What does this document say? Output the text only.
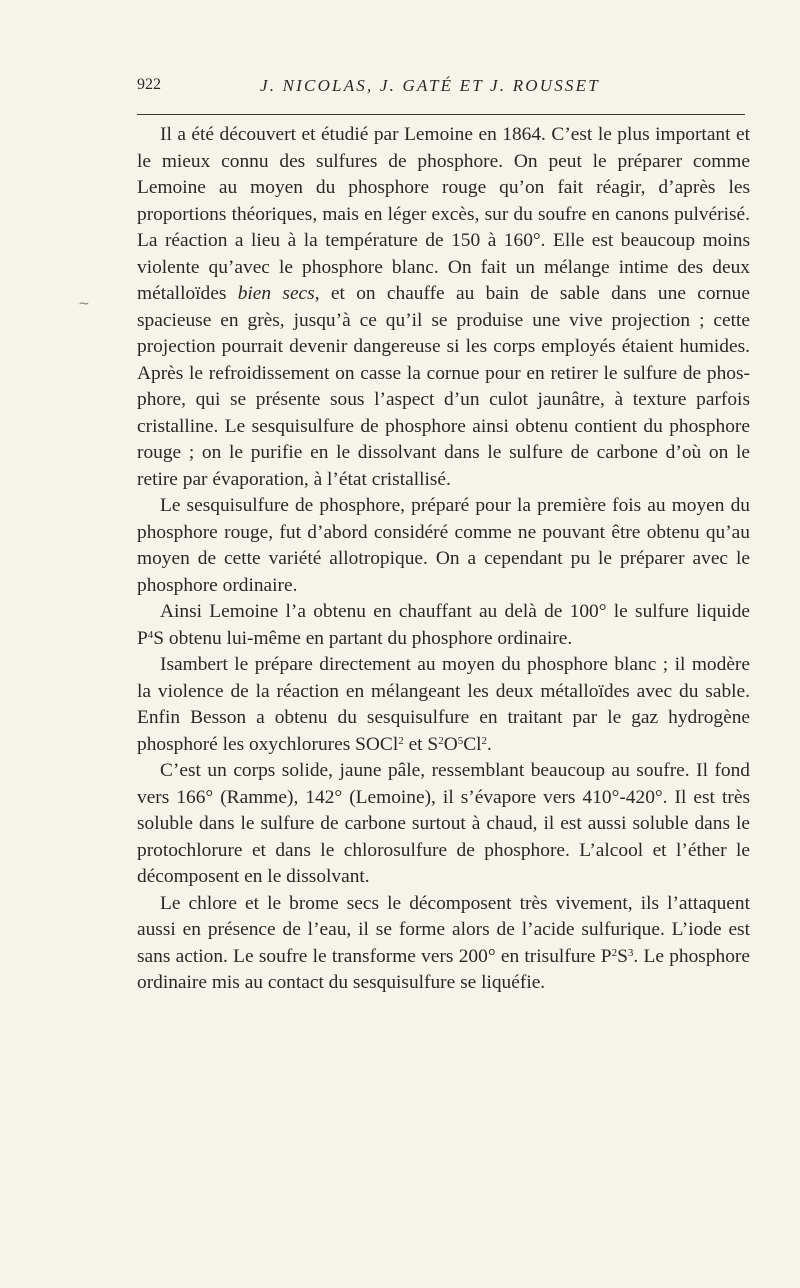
922	J. NICOLAS, J. GATÉ ET J. ROUSSET
~

Il a été découvert et étudié par Lemoine en 1864. C’est le plus important et le mieux connu des sulfures de phosphore. On peut le préparer comme Lemoine au moyen du phosphore rouge qu’on fait réagir, d’après les proportions théoriques, mais en léger excès, sur du soufre en canons pulvérisé. La réaction a lieu à la température de 150 à 160°. Elle est beaucoup moins violente qu’avec le phosphore blanc. On fait un mélange intime des deux métalloïdes bien secs, et on chauffe au bain de sable dans une cornue spacieuse en grès, jusqu’à ce qu’il se produise une vive projection ; cette projection pourrait devenir dangereuse si les corps employés étaient humides. Après le refroidissement on casse la cornue pour en retirer le sulfure de phosphore, qui se présente sous l’aspect d’un culot jaunâtre, à texture parfois cristalline. Le sesquisulfure de phosphore ainsi obtenu contient du phosphore rouge ; on le purifie en le dissolvant dans le sulfure de carbone d’où on le retire par évaporation, à l’état cristallisé.

Le sesquisulfure de phosphore, préparé pour la première fois au moyen du phosphore rouge, fut d’abord considéré comme ne pouvant être obtenu qu’au moyen de cette variété allotropique. On a cependant pu le préparer avec le phosphore ordinaire.

Ainsi Lemoine l’a obtenu en chauffant au delà de 100° le sulfure liquide $P^4S$ obtenu lui-même en partant du phosphore ordinaire.

Isambert le prépare directement au moyen du phosphore blanc ; il modère la violence de la réaction en mélangeant les deux métalloïdes avec du sable. Enfin Besson a obtenu du sesquisulfure en traitant par le gaz hydrogène phosphoré les oxychlorures SOCl$^2$ et $S^2O^5Cl^2$.

C’est un corps solide, jaune pâle, ressemblant beaucoup au soufre. Il fond vers 166° (Ramme), 142° (Lemoine), il s’évapore vers 410°-420°. Il est très soluble dans le sulfure de carbone surtout à chaud, il est aussi soluble dans le protochlorure et dans le chlorosulfure de phosphore. L’alcool et l’éther le décomposent en le dissolvant.

Le chlore et le brome secs le décomposent très vivement, ils l’attaquent aussi en présence de l’eau, il se forme alors de l’acide sulfurique. L’iode est sans action. Le soufre le transforme vers 200° en trisulfure $P^2S^3$. Le phosphore ordinaire mis au contact du sesquisulfure se liquéfie.
